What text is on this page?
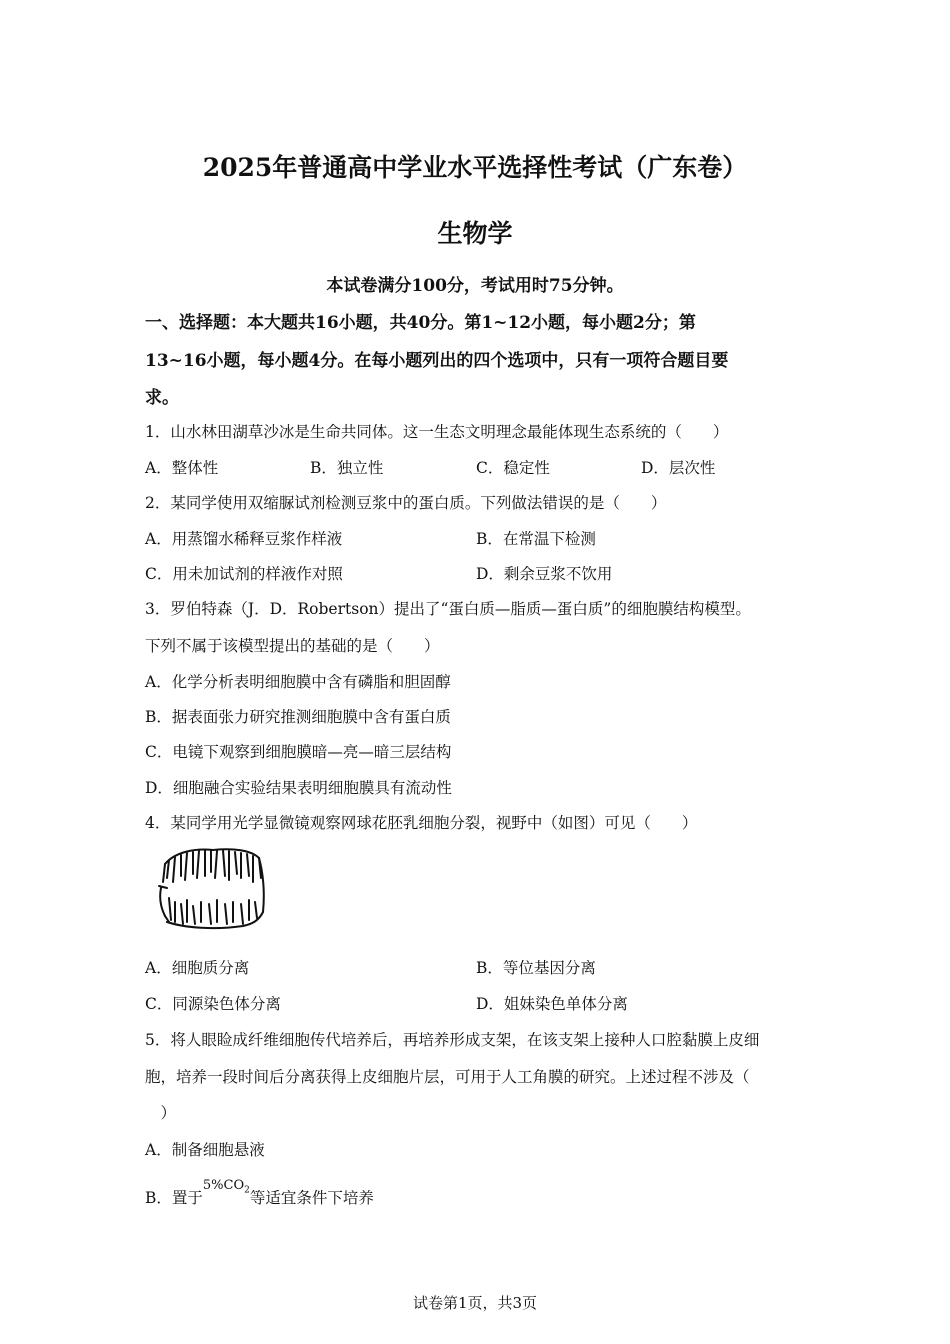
2025年普通高中学业水平选择性考试（广东卷）
生物学
本试卷满分100分，考试用时75分钟。
一、选择题：本大题共16小题，共40分。第1~12小题，每小题2分；第
13~16小题，每小题4分。在每小题列出的四个选项中，只有一项符合题目要
求。
1．山水林田湖草沙冰是生命共同体。这一生态文明理念最能体现生态系统的（　　）
A．整体性	B．独立性	C．稳定性	D．层次性
2．某同学使用双缩脲试剂检测豆浆中的蛋白质。下列做法错误的是（　　）
A．用蒸馏水稀释豆浆作样液	B．在常温下检测
C．用未加试剂的样液作对照	D．剩余豆浆不饮用
3．罗伯特森（J．D．Robertson）提出了“蛋白质—脂质—蛋白质”的细胞膜结构模型。
下列不属于该模型提出的基础的是（　　）
A．化学分析表明细胞膜中含有磷脂和胆固醇
B．据表面张力研究推测细胞膜中含有蛋白质
C．电镜下观察到细胞膜暗—亮—暗三层结构
D．细胞融合实验结果表明细胞膜具有流动性
4．某同学用光学显微镜观察网球花胚乳细胞分裂，视野中（如图）可见（　　）
A．细胞质分离	B．等位基因分离
C．同源染色体分离	D．姐妹染色单体分离
5．将人眼睑成纤维细胞传代培养后，再培养形成支架，在该支架上接种人口腔黏膜上皮细
胞，培养一段时间后分离获得上皮细胞片层，可用于人工角膜的研究。上述过程不涉及（
　）
A．制备细胞悬液
B．置于$^{5\%CO_2}$等适宜条件下培养
试卷第1页，共3页
